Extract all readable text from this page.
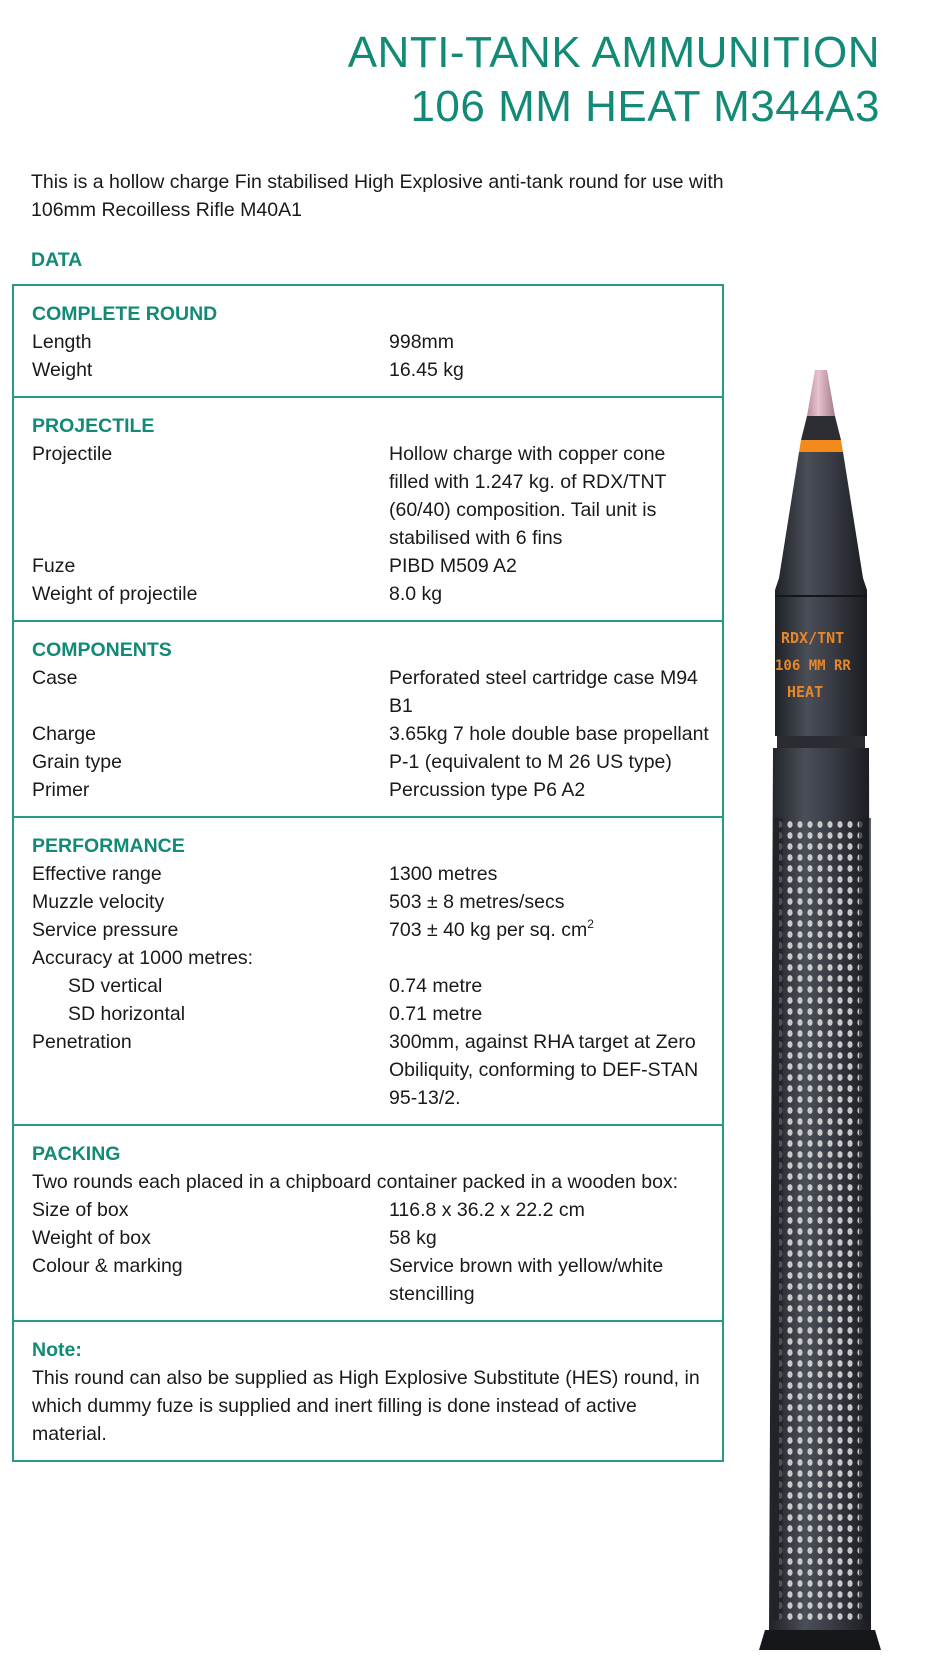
ANTI-TANK AMMUNITION
106 MM HEAT M344A3

This is a hollow charge Fin stabilised High Explosive anti-tank round for use with 106mm Recoilless Rifle M40A1

DATA
COMPLETE ROUND
Length	998mm
Weight	16.45 kg
PROJECTILE
Projectile	Hollow charge with copper cone filled with 1.247 kg. of RDX/TNT (60/40) composition. Tail unit is stabilised with 6 fins
Fuze	PIBD M509 A2
Weight of projectile	8.0 kg
COMPONENTS
Case	Perforated steel cartridge case M94 B1
Charge	3.65kg 7 hole double base propellant
Grain type	P-1 (equivalent to M 26 US type)
Primer	Percussion type P6 A2
PERFORMANCE
Effective range	1300 metres
Muzzle velocity	503 ± 8 metres/secs
Service pressure	703 ± 40 kg per sq. $cm^2$
Accuracy at 1000 metres:
SD vertical	0.74 metre
SD horizontal	0.71 metre
Penetration	300mm, against RHA target at Zero Obiliquity, conforming to DEF-STAN 95-13/2.
PACKING

Two rounds each placed in a chipboard container packed in a wooden box:

Size of box	116.8 x 36.2 x 22.2 cm
Weight of box	58 kg
Colour & marking	Service brown with yellow/white stencilling
Note:

This round can also be supplied as High Explosive Substitute (HES) round, in which dummy fuze is supplied and inert filling is done instead of active material.

RDX/TNT
106 MM RR
HEAT
